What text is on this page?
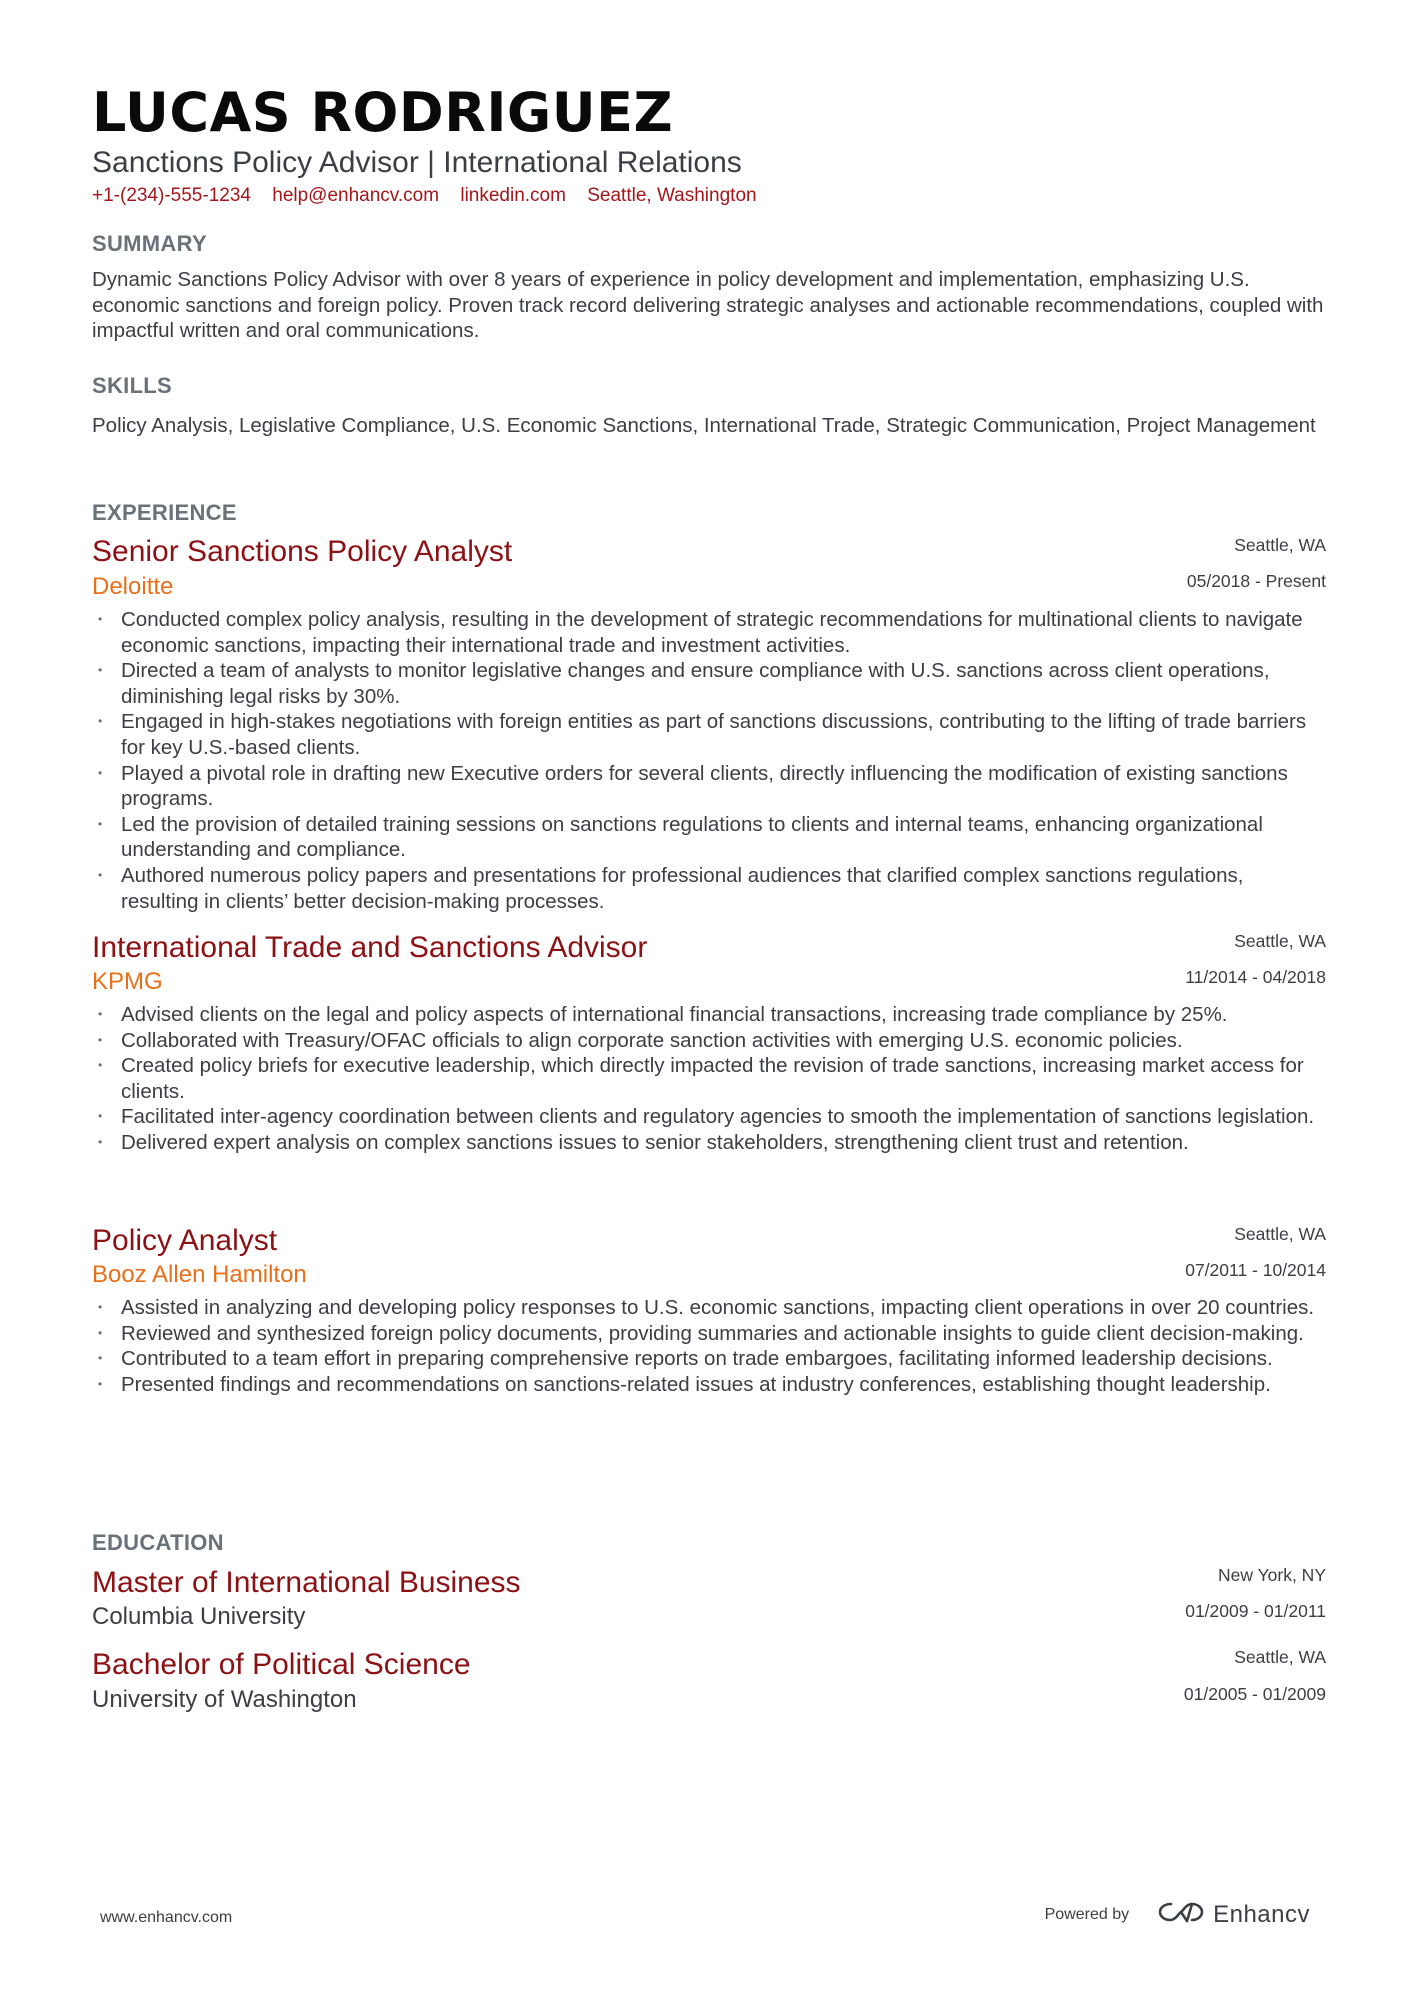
LUCAS RODRIGUEZ
Sanctions Policy Advisor | International Relations
+1-(234)-555-1234 help@enhancv.com linkedin.com Seattle, Washington
SUMMARY
Dynamic Sanctions Policy Advisor with over 8 years of experience in policy development and implementation, emphasizing U.S. economic sanctions and foreign policy. Proven track record delivering strategic analyses and actionable recommendations, coupled with impactful written and oral communications.
SKILLS
Policy Analysis, Legislative Compliance, U.S. Economic Sanctions, International Trade, Strategic Communication, Project Management
EXPERIENCE
Senior Sanctions Policy Analyst	Seattle, WA
Deloitte	05/2018 - Present
• Conducted complex policy analysis, resulting in the development of strategic recommendations for multinational clients to navigate economic sanctions, impacting their international trade and investment activities.
• Directed a team of analysts to monitor legislative changes and ensure compliance with U.S. sanctions across client operations, diminishing legal risks by 30%.
• Engaged in high-stakes negotiations with foreign entities as part of sanctions discussions, contributing to the lifting of trade barriers for key U.S.-based clients.
• Played a pivotal role in drafting new Executive orders for several clients, directly influencing the modification of existing sanctions programs.
• Led the provision of detailed training sessions on sanctions regulations to clients and internal teams, enhancing organizational understanding and compliance.
• Authored numerous policy papers and presentations for professional audiences that clarified complex sanctions regulations, resulting in clients’ better decision-making processes.
International Trade and Sanctions Advisor	Seattle, WA
KPMG	11/2014 - 04/2018
• Advised clients on the legal and policy aspects of international financial transactions, increasing trade compliance by 25%.
• Collaborated with Treasury/OFAC officials to align corporate sanction activities with emerging U.S. economic policies.
• Created policy briefs for executive leadership, which directly impacted the revision of trade sanctions, increasing market access for clients.
• Facilitated inter-agency coordination between clients and regulatory agencies to smooth the implementation of sanctions legislation.
• Delivered expert analysis on complex sanctions issues to senior stakeholders, strengthening client trust and retention.
Policy Analyst	Seattle, WA
Booz Allen Hamilton	07/2011 - 10/2014
• Assisted in analyzing and developing policy responses to U.S. economic sanctions, impacting client operations in over 20 countries.
• Reviewed and synthesized foreign policy documents, providing summaries and actionable insights to guide client decision-making.
• Contributed to a team effort in preparing comprehensive reports on trade embargoes, facilitating informed leadership decisions.
• Presented findings and recommendations on sanctions-related issues at industry conferences, establishing thought leadership.
EDUCATION
Master of International Business	New York, NY
Columbia University	01/2009 - 01/2011
Bachelor of Political Science	Seattle, WA
University of Washington	01/2005 - 01/2009
www.enhancv.com	Powered by	Enhancv
